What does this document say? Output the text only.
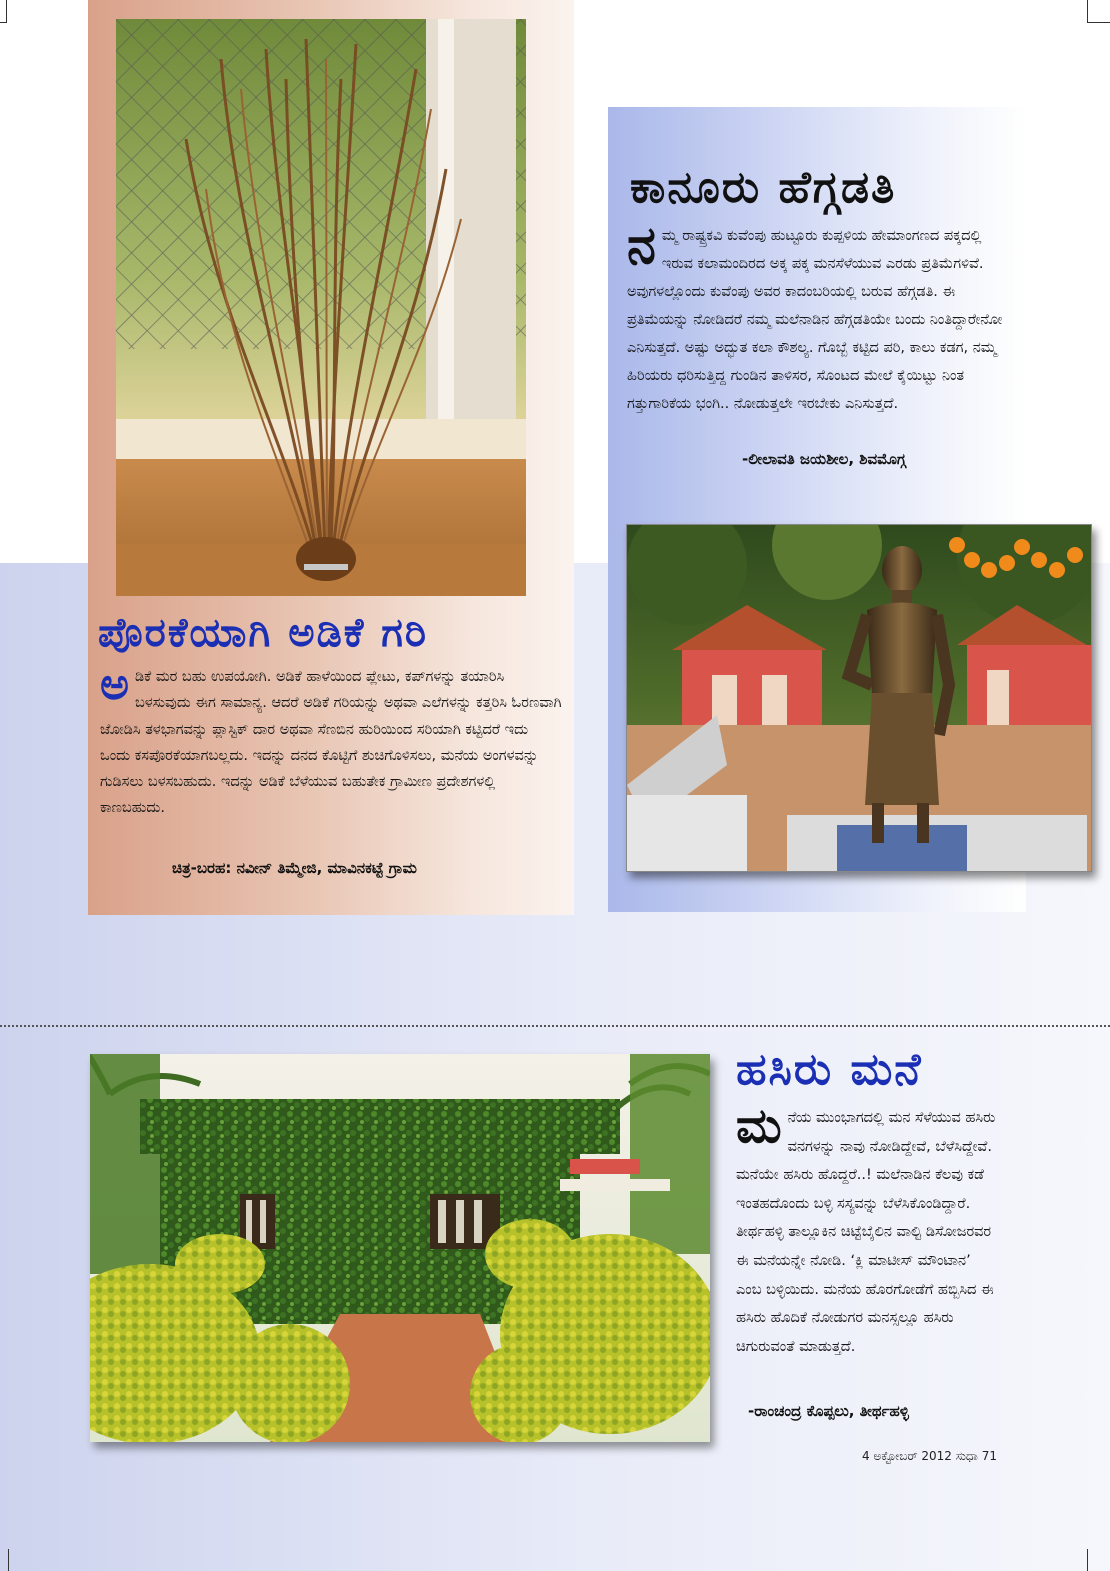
ಪೊರಕೆಯಾಗಿ ಅಡಿಕೆ ಗರಿ

ಅ ಡಿಕೆ ಮರ ಬಹು ಉಪಯೋಗಿ. ಅಡಿಕೆ ಹಾಳೆಯಿಂದ ಪ್ಲೇಟು, ಕಪ್‌ಗಳನ್ನು ತಯಾರಿಸಿ ಬಳಸುವುದು ಈಗ ಸಾಮಾನ್ಯ. ಆದರೆ ಅಡಿಕೆ ಗರಿಯನ್ನು ಅಥವಾ ಎಲೆಗಳನ್ನು ಕತ್ತರಿಸಿ ಓರಣವಾಗಿ ಜೋಡಿಸಿ ತಳಭಾಗವನ್ನು ಪ್ಲಾಸ್ಟಿಕ್ ದಾರ ಅಥವಾ ಸೆಣಬಿನ ಹುರಿಯಿಂದ ಸರಿಯಾಗಿ ಕಟ್ಟಿದರೆ ಇದು ಒಂದು ಕಸಪೊರಕೆಯಾಗಬಲ್ಲದು. ಇದನ್ನು ದನದ ಕೊಟ್ಟಿಗೆ ಶುಚಿಗೊಳಿಸಲು, ಮನೆಯ ಅಂಗಳವನ್ನು ಗುಡಿಸಲು ಬಳಸಬಹುದು. ಇದನ್ನು ಅಡಿಕೆ ಬೆಳೆಯುವ ಬಹುತೇಕ ಗ್ರಾಮೀಣ ಪ್ರದೇಶಗಳಲ್ಲಿ ಕಾಣಬಹುದು.

ಚಿತ್ರ-ಬರಹ: ನವೀನ್ ತಿಮ್ಮೇಜಿ, ಮಾವಿನಕಟ್ಟೆ ಗ್ರಾಮ

ಕಾನೂರು ಹೆಗ್ಗಡತಿ

ನ ಮ್ಮ ರಾಷ್ಟ್ರಕವಿ ಕುವೆಂಪು ಹುಟ್ಟೂರು ಕುಪ್ಪಳಿಯ ಹೇಮಾಂಗಣದ ಪಕ್ಕದಲ್ಲಿ ಇರುವ ಕಲಾಮಂದಿರದ ಅಕ್ಕ ಪಕ್ಕ ಮನಸೆಳೆಯುವ ಎರಡು ಪ್ರತಿಮೆಗಳಿವೆ. ಅವುಗಳಲ್ಲೊಂದು ಕುವೆಂಪು ಅವರ ಕಾದಂಬರಿಯಲ್ಲಿ ಬರುವ ಹೆಗ್ಗಡತಿ. ಈ ಪ್ರತಿಮೆಯನ್ನು ನೋಡಿದರೆ ನಮ್ಮ ಮಲೆನಾಡಿನ ಹೆಗ್ಗಡತಿಯೇ ಬಂದು ನಿಂತಿದ್ದಾರೇನೋ ಎನಿಸುತ್ತದೆ. ಅಷ್ಟು ಅದ್ಭುತ ಕಲಾ ಕೌಶಲ್ಯ. ಗೊಬ್ಬೆ ಕಟ್ಟಿದ ಪರಿ, ಕಾಲು ಕಡಗ, ನಮ್ಮ ಹಿರಿಯರು ಧರಿಸುತ್ತಿದ್ದ ಗುಂಡಿನ ತಾಳಿಸರ, ಸೊಂಟದ ಮೇಲೆ ಕೈಯಿಟ್ಟು ನಿಂತ ಗತ್ತುಗಾರಿಕೆಯ ಭಂಗಿ.. ನೋಡುತ್ತಲೇ ಇರಬೇಕು ಎನಿಸುತ್ತದೆ.

-ಲೀಲಾವತಿ ಜಯಶೀಲ, ಶಿವಮೊಗ್ಗ

ಹಸಿರು ಮನೆ

ಮ ನೆಯ ಮುಂಭಾಗದಲ್ಲಿ ಮನ ಸೆಳೆಯುವ ಹಸಿರು ವನಗಳನ್ನು ನಾವು ನೋಡಿದ್ದೇವೆ, ಬೆಳೆಸಿದ್ದೇವೆ. ಮನೆಯೇ ಹಸಿರು ಹೊದ್ದರೆ..! ಮಲೆನಾಡಿನ ಕೆಲವು ಕಡೆ ಇಂತಹದೊಂದು ಬಳ್ಳಿ ಸಸ್ಯವನ್ನು ಬೆಳೆಸಿಕೊಂಡಿದ್ದಾರೆ. ತೀರ್ಥಹಳ್ಳಿ ತಾಲ್ಲೂಕಿನ ಚಿಟ್ಟೆಬೈಲಿನ ವಾಲ್ಟಿ ಡಿಸೋಜರವರ ಈ ಮನೆಯನ್ನೇ ನೋಡಿ. ‘ಕ್ಲಿ ಮಾಟೀಸ್ ಮೌಂಟಾನ’ ಎಂಬ ಬಳ್ಳಿಯಿದು. ಮನೆಯ ಹೊರಗೋಡೆಗೆ ಹಬ್ಬಿಸಿದ ಈ ಹಸಿರು ಹೊದಿಕೆ ನೋಡುಗರ ಮನಸ್ಸಲ್ಲೂ ಹಸಿರು ಚಿಗುರುವಂತೆ ಮಾಡುತ್ತದೆ.

-ರಾಂಚಂದ್ರ ಕೊಪ್ಪಲು, ತೀರ್ಥಹಳ್ಳಿ

4 ಅಕ್ಟೋಬರ್ 2012 ಸುಧಾ 71
